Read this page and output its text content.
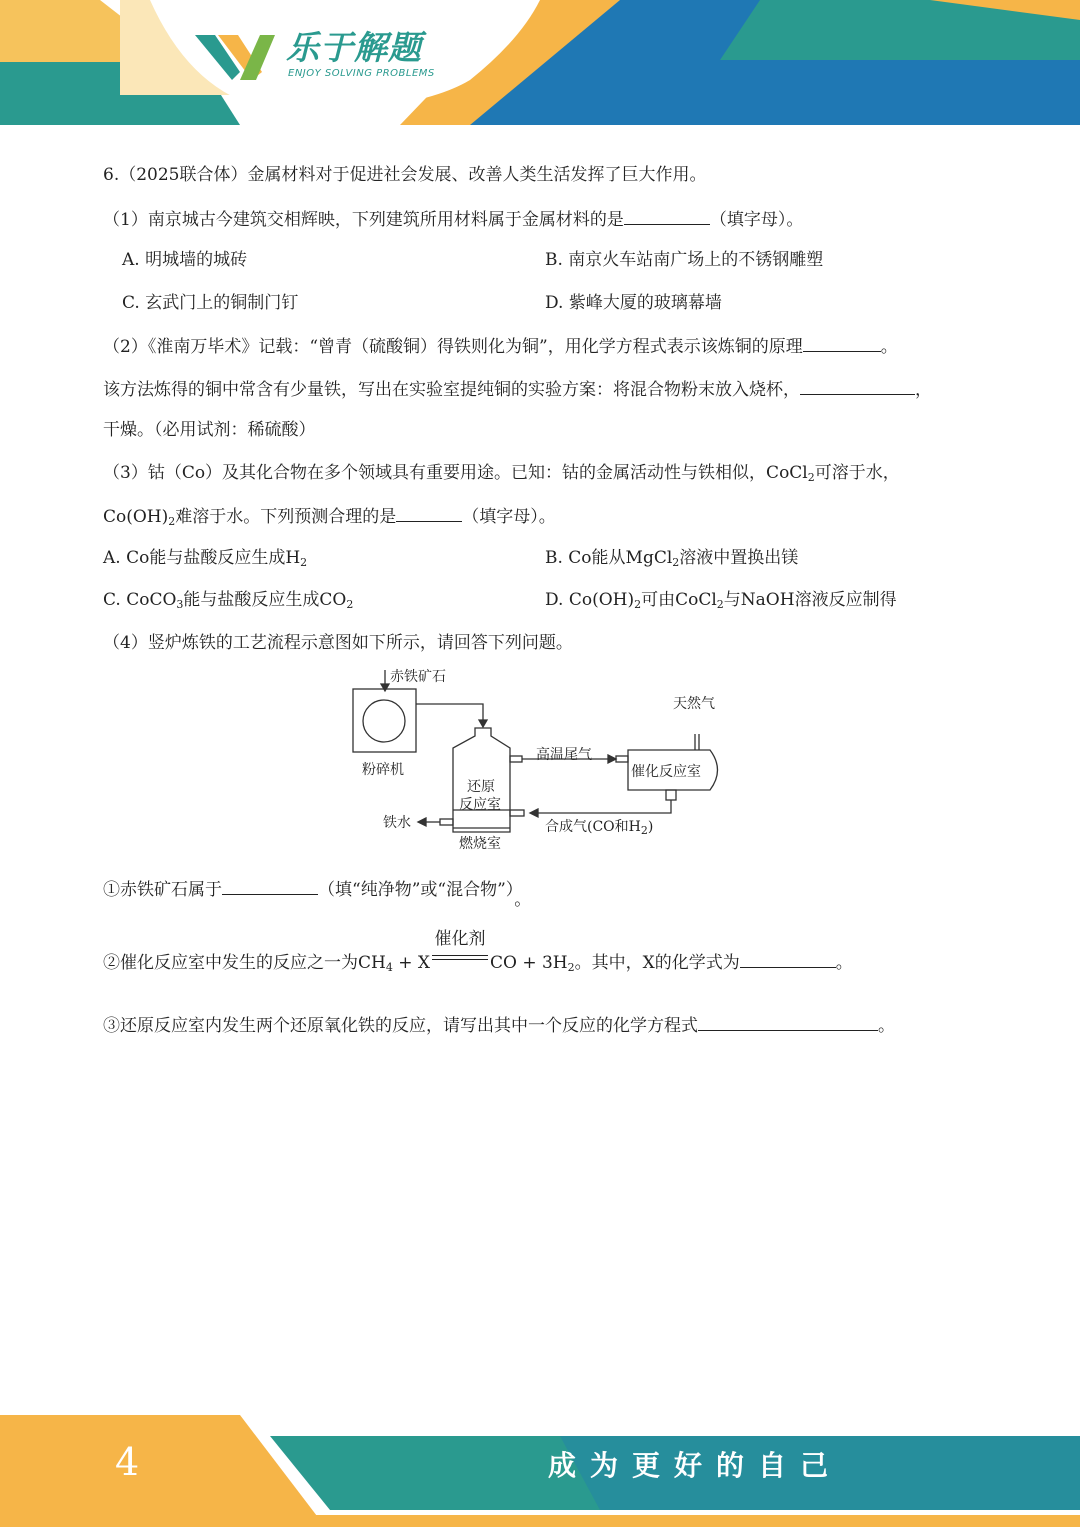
乐于解题
ENJOY SOLVING PROBLEMS
6.（2025联合体）金属材料对于促进社会发展、改善人类生活发挥了巨大作用。
（1）南京城古今建筑交相辉映，下列建筑所用材料属于金属材料的是	（填字母）。
A. 明城墙的城砖	B. 南京火车站南广场上的不锈钢雕塑
C. 玄武门上的铜制门钉	D. 紫峰大厦的玻璃幕墙
（2）《淮南万毕术》记载：“曾青（硫酸铜）得铁则化为铜”，用化学方程式表示该炼铜的原理	。
该方法炼得的铜中常含有少量铁，写出在实验室提纯铜的实验方案：将混合物粉末放入烧杯，	，
干燥。（必用试剂：稀硫酸）
（3）钴（Co）及其化合物在多个领域具有重要用途。已知：钴的金属活动性与铁相似，CoCl$_2$可溶于水，
$Co(OH)_2$难溶于水。下列预测合理的是	（填字母）。
A. Co能与盐酸反应生成$H_2$	B. Co能从MgCl$_2$溶液中置换出镁
C. CoCO$_3$能与盐酸反应生成$CO_2$	D. $Co(OH)_2$可由CoCl$_2$与NaOH溶液反应制得
（4）竖炉炼铁的工艺流程示意图如下所示，请回答下列问题。
赤铁矿石
粉碎机
天然气
高温尾气
催化反应室
还原
反应室
铁水	合成气(CO和$H_2$)
燃烧室
①赤铁矿石属于	（填“纯净物”或“混合物”）。
②催化反应室中发生的反应之一为$CH_4 + X$
催化剂
CO + $3H_2$。其中，X的化学式为	。
③还原反应室内发生两个还原氧化铁的反应，请写出其中一个反应的化学方程式	。
4	成为更好的自己
